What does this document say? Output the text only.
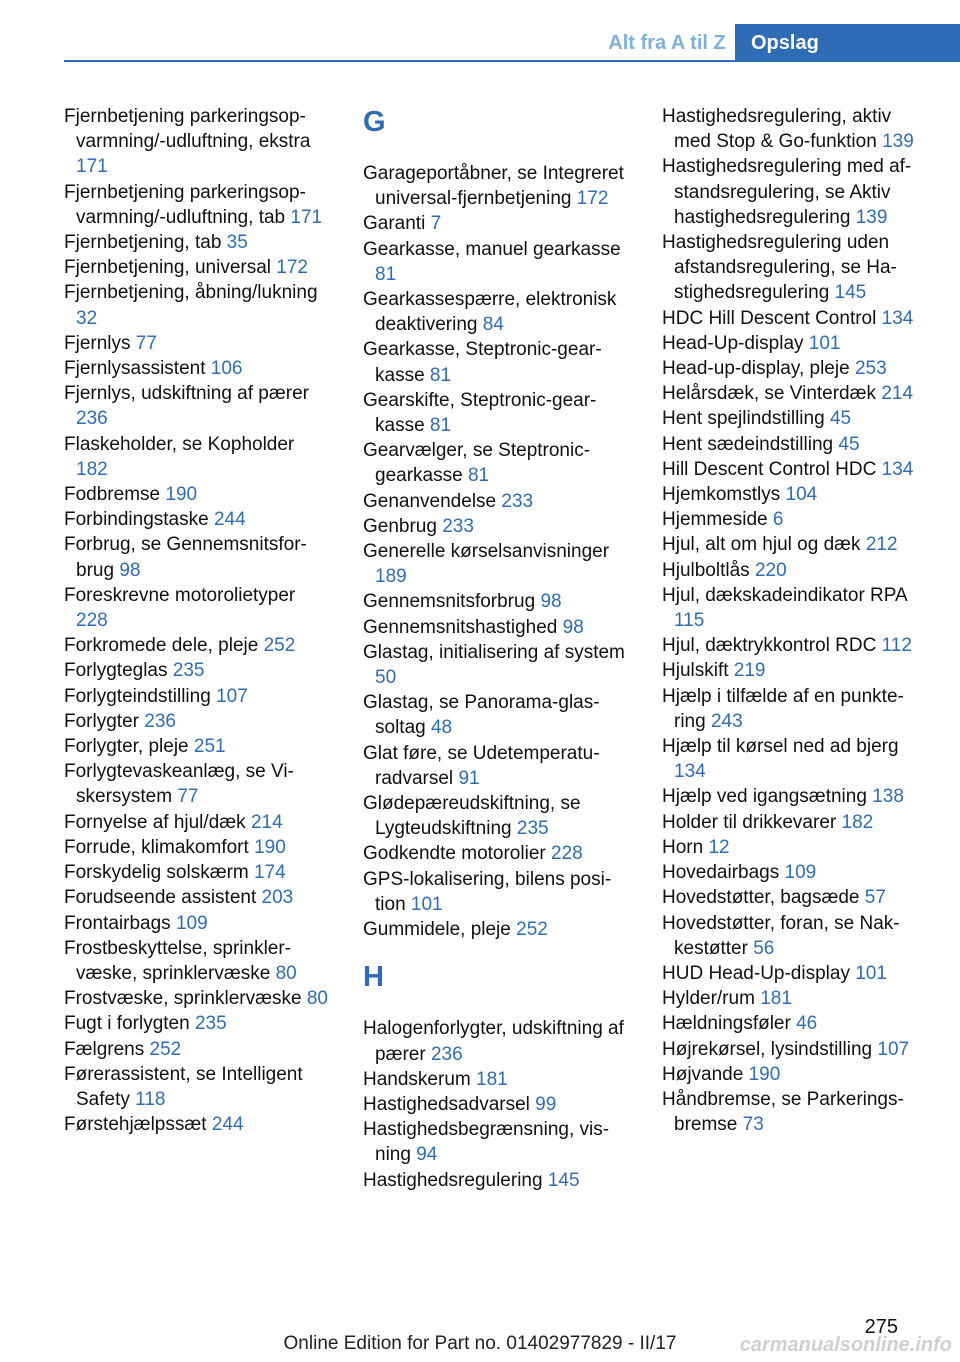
Alt fra A til Z	Opslag
Fjernbetjening parkeringsopvarmning/-udluftning, ekstra 171
Fjernbetjening parkeringsopvarmning/-udluftning, tab 171
Fjernbetjening, tab 35
Fjernbetjening, universal 172
Fjernbetjening, åbning/lukning 32
Fjernlys 77
Fjernlysassistent 106
Fjernlys, udskiftning af pærer 236
Flaskeholder, se Kopholder 182
Fodbremse 190
Forbindingstaske 244
Forbrug, se Gennemsnitsforbrug 98
Foreskrevne motorolietyper 228
Forkromede dele, pleje 252
Forlygteglas 235
Forlygteindstilling 107
Forlygter 236
Forlygter, pleje 251
Forlygtevaskeanlæg, se Viskersystem 77
Fornyelse af hjul/dæk 214
Forrude, klimakomfort 190
Forskydelig solskærm 174
Forudseende assistent 203
Frontairbags 109
Frostbeskyttelse, sprinklervæske, sprinklervæske 80
Frostvæske, sprinklervæske 80
Fugt i forlygten 235
Fælgrens 252
Førerassistent, se Intelligent Safety 118
Førstehjælpssæt 244
G
Garageportåbner, se Integreret universal-fjernbetjening 172
Garanti 7
Gearkasse, manuel gearkasse 81
Gearkassespærre, elektronisk deaktivering 84
Gearkasse, Steptronic-gearkasse 81
Gearskifte, Steptronic-gearkasse 81
Gearvælger, se Steptronic-gearkasse 81
Genanvendelse 233
Genbrug 233
Generelle kørselsanvisninger 189
Gennemsnitsforbrug 98
Gennemsnitshastighed 98
Glastag, initialisering af system 50
Glastag, se Panorama-glassoltag 48
Glat føre, se Udetemperaturadvarsel 91
Glødepæreudskiftning, se Lygteudskiftning 235
Godkendte motorolier 228
GPS-lokalisering, bilens position 101
Gummidele, pleje 252
H
Halogenforlygter, udskiftning af pærer 236
Handskerum 181
Hastighedsadvarsel 99
Hastighedsbegrænsning, visning 94
Hastighedsregulering 145
Hastighedsregulering, aktiv med Stop & Go-funktion 139
Hastighedsregulering med afstandsregulering, se Aktiv hastighedsregulering 139
Hastighedsregulering uden afstandsregulering, se Hastighedsregulering 145
HDC Hill Descent Control 134
Head-Up-display 101
Head-up-display, pleje 253
Helårsdæk, se Vinterdæk 214
Hent spejlindstilling 45
Hent sædeindstilling 45
Hill Descent Control HDC 134
Hjemkomstlys 104
Hjemmeside 6
Hjul, alt om hjul og dæk 212
Hjulboltlås 220
Hjul, dækskadeindikator RPA 115
Hjul, dæktrykkontrol RDC 112
Hjulskift 219
Hjælp i tilfælde af en punktering 243
Hjælp til kørsel ned ad bjerg 134
Hjælp ved igangsætning 138
Holder til drikkevarer 182
Horn 12
Hovedairbags 109
Hovedstøtter, bagsæde 57
Hovedstøtter, foran, se Nakkestøtter 56
HUD Head-Up-display 101
Hylder/rum 181
Hældningsføler 46
Højrekørsel, lysindstilling 107
Højvande 190
Håndbremse, se Parkeringsbremse 73
275
Online Edition for Part no. 01402977829 - II/17	carmanualsonline.info
